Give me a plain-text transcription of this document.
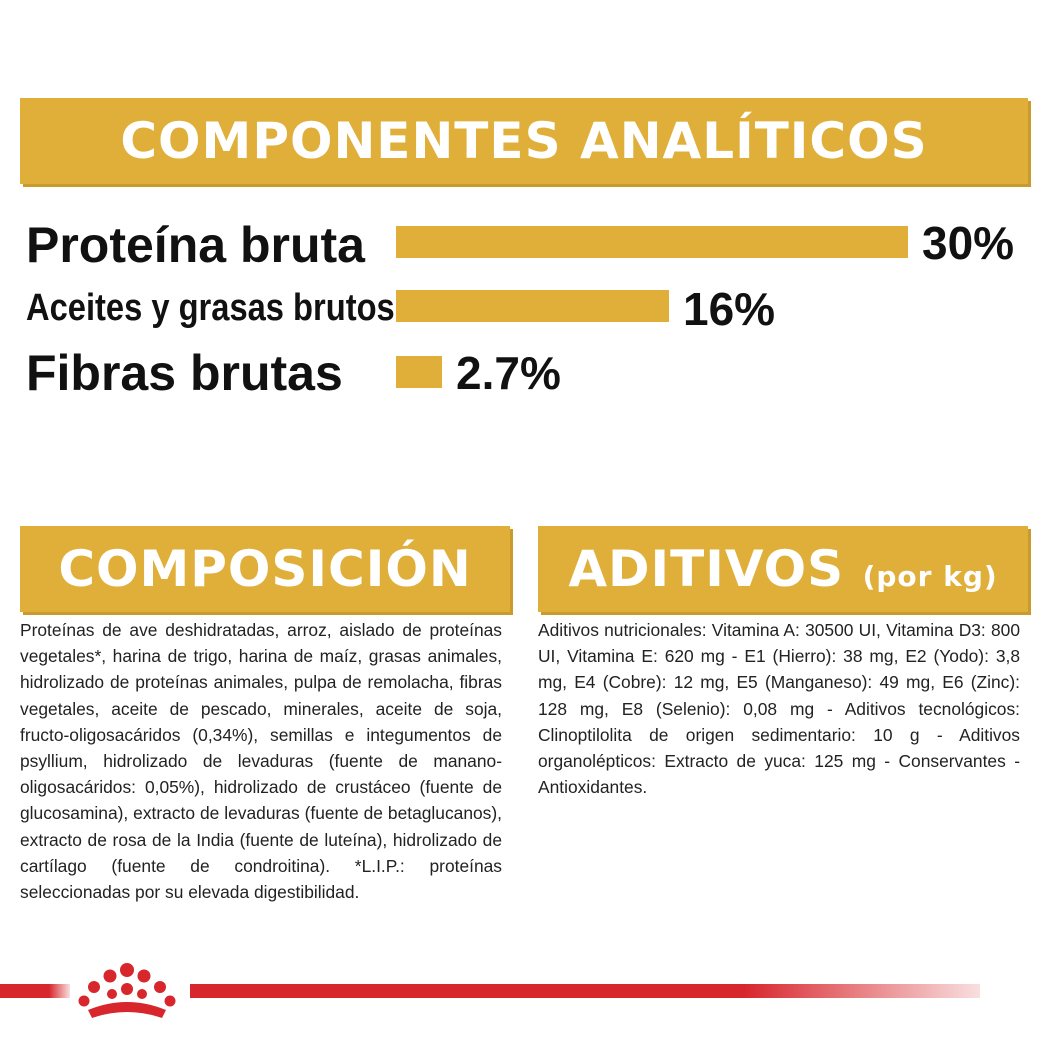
COMPONENTES ANALÍTICOS
Proteína bruta	30%
Aceites y grasas brutos	16%
Fibras brutas 2.7%
COMPOSICIÓN
Proteínas de ave deshidratadas, arroz, aislado de proteínas vegetales*, harina de trigo, harina de maíz, grasas animales, hidrolizado de proteínas animales, pulpa de remolacha, fibras vegetales, aceite de pescado, minerales, aceite de soja, fructo-oligosacáridos (0,34%), semillas e integumentos de psyllium, hidrolizado de levaduras (fuente de manano-oligosacáridos: 0,05%), hidrolizado de crustáceo (fuente de glucosamina), extracto de levaduras (fuente de betaglucanos), extracto de rosa de la India (fuente de luteína), hidrolizado de cartílago (fuente de condroitina). *L.I.P.: proteínas seleccionadas por su elevada digestibilidad.
ADITIVOS (por kg)
Aditivos nutricionales: Vitamina A: 30500 UI, Vitamina D3: 800 UI, Vitamina E: 620 mg - E1 (Hierro): 38 mg, E2 (Yodo): 3,8 mg, E4 (Cobre): 12 mg, E5 (Manganeso): 49 mg, E6 (Zinc): 128 mg, E8 (Selenio): 0,08 mg - Aditivos tecnológicos: Clinoptilolita de origen sedimentario: 10 g - Aditivos organolépticos: Extracto de yuca: 125 mg - Conservantes - Antioxidantes.
